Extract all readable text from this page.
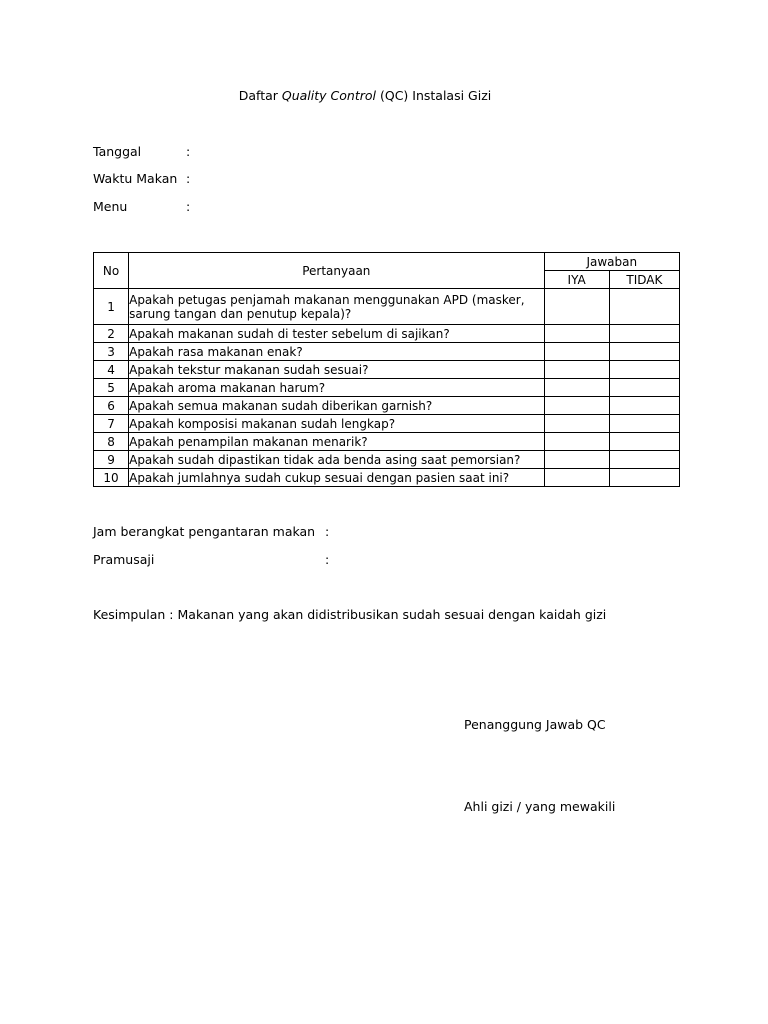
Daftar Quality Control (QC) Instalasi Gizi
Tanggal	:
Waktu Makan :
Menu	:
No	Pertanyaan	Jawaban	
		IYA	TIDAK
1	Apakah petugas penjamah makanan menggunakan APD (masker,
sarung tangan dan penutup kepala)?		
2	Apakah makanan sudah di tester sebelum di sajikan?		
3	Apakah rasa makanan enak?		
4	Apakah tekstur makanan sudah sesuai?		
5	Apakah aroma makanan harum?		
6	Apakah semua makanan sudah diberikan garnish?		
7	Apakah komposisi makanan sudah lengkap?		
8	Apakah penampilan makanan menarik?		
9	Apakah sudah dipastikan tidak ada benda asing saat pemorsian?		
10	Apakah jumlahnya sudah cukup sesuai dengan pasien saat ini?		
Jam berangkat pengantaran makan :
Pramusaji	:
Kesimpulan : Makanan yang akan didistribusikan sudah sesuai dengan kaidah gizi
Penanggung Jawab QC
Ahli gizi / yang mewakili
